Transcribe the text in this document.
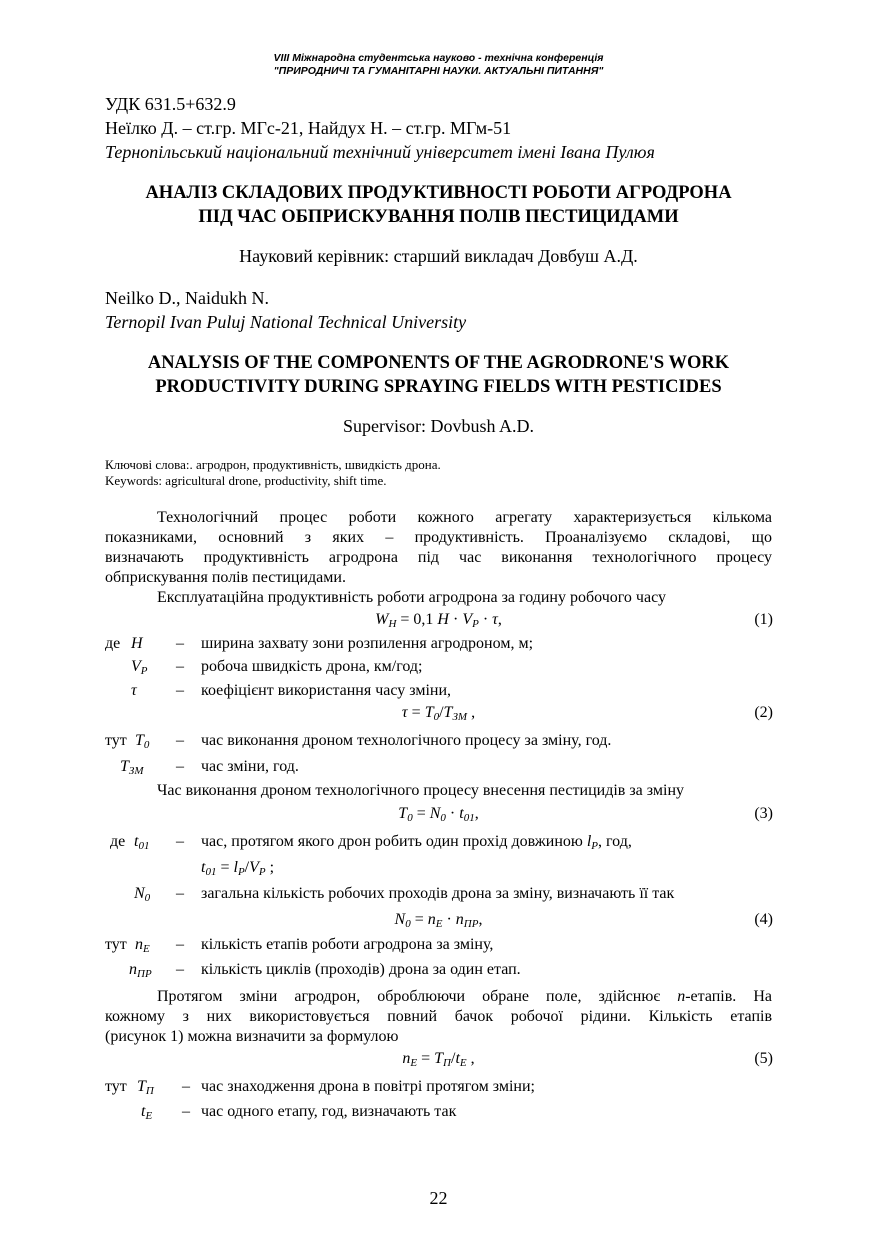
VIII Міжнародна студентська науково - технічна конференція
"ПРИРОДНИЧІ ТА ГУМАНІТАРНІ НАУКИ. АКТУАЛЬНІ ПИТАННЯ"
УДК 631.5+632.9
Неїлко Д. – ст.гр. МГс-21, Найдух Н. – ст.гр. МГм-51
Тернопільський національний технічний університет імені Івана Пулюя
АНАЛІЗ СКЛАДОВИХ ПРОДУКТИВНОСТІ РОБОТИ АГРОДРОНА
ПІД ЧАС ОБПРИСКУВАННЯ ПОЛІВ ПЕСТИЦИДАМИ
Науковий керівник: старший викладач Довбуш А.Д.
Neilko D., Naidukh N.
Ternopil Ivan Puluj National Technical University
ANALYSIS OF THE COMPONENTS OF THE AGRODRONE'S WORK
PRODUCTIVITY DURING SPRAYING FIELDS WITH PESTICIDES
Supervisor: Dovbush A.D.
Ключові слова:. агродрон, продуктивність, швидкість дрона.
Keywords: agricultural drone, productivity, shift time.

Технологічний процес роботи кожного агрегату характеризується кількома

показниками, основний з яких – продуктивність. Проаналізуємо складові, що

визначають продуктивність агродрона під час виконання технологічного процесу

обприскування полів пестицидами.

Експлуатаційна продуктивність роботи агродрона за годину робочого часу

$W_H = 0,1$ $H \cdot V_P \cdot \tau$,	(1)
де H – ширина захвату зони розпилення агродроном, м;
$V_P$ – робоча швидкість дрона, км/год;
τ – коефіцієнт використання часу зміни,
$\tau = T_0/T_{ЗМ}$ ,	(2)
тут $T_0$ – час виконання дроном технологічного процесу за зміну, год.
$T_{ЗМ}$ – час зміни, год.

Час виконання дроном технологічного процесу внесення пестицидів за зміну

$T_0 = N_0 \cdot t_{01}$,	(3)
де $t_{01}$ – час, протягом якого дрон робить один прохід довжиною $l_P$, год,
$t_{01} = l_P/V_P$ ;
$N_0$ – загальна кількість робочих проходів дрона за зміну, визначають її так
$N_0 = n_E \cdot n_{ПР}$,	(4)
тут $n_E$ – кількість етапів роботи агродрона за зміну,
$n_{ПР}$ – кількість циклів (проходів) дрона за один етап.

Протягом зміни агродрон, оброблюючи обране поле, здійснює n-етапів. На

кожному з них використовується повний бачок робочої рідини. Кількість етапів

(рисунок 1) можна визначити за формулою

$n_E = T_П/t_E$ ,	(5)
тут $T_П$ – час знаходження дрона в повітрі протягом зміни;
$t_E$ – час одного етапу, год, визначають так
22
